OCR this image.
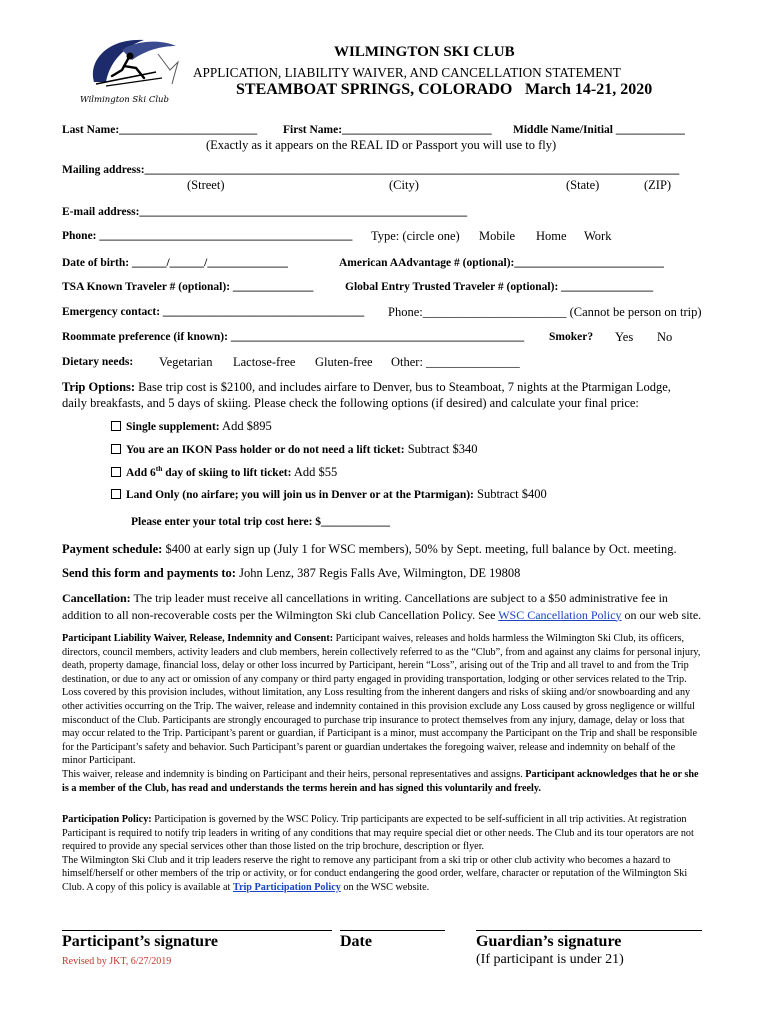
Wilmington Ski Club
WILMINGTON SKI CLUB
APPLICATION, LIABILITY WAIVER, AND CANCELLATION STATEMENT
STEAMBOAT SPRINGS, COLORADO March 14-21, 2020
Last Name:________________________ First Name:__________________________ Middle Name/Initial ____________
(Exactly as it appears on the REAL ID or Passport you will use to fly)
Mailing address:_____________________________________________________________________________________________
(Street)	(City)	(State)	(ZIP)
E-mail address:_________________________________________________________
Phone: ____________________________________________ Type: (circle one) Mobile Home Work
Date of birth: ______/______/______________	American AAdvantage # (optional):__________________________
TSA Known Traveler # (optional): ______________	Global Entry Trusted Traveler # (optional): ________________
Emergency contact: ___________________________________ Phone:_______________________ (Cannot be person on trip)
Roommate preference (if known): ___________________________________________________ Smoker? Yes No
Dietary needs: Vegetarian Lactose-free Gluten-free Other: _______________
Trip Options: Base trip cost is $2100, and includes airfare to Denver, bus to Steamboat, 7 nights at the Ptarmigan Lodge,
daily breakfasts, and 5 days of skiing. Please check the following options (if desired) and calculate your final price:
Single supplement: Add $895
You are an IKON Pass holder or do not need a lift ticket: Subtract $340
Add 6th day of skiing to lift ticket: Add $55
Land Only (no airfare; you will join us in Denver or at the Ptarmigan): Subtract $400
Please enter your total trip cost here: $____________
Payment schedule: $400 at early sign up (July 1 for WSC members), 50% by Sept. meeting, full balance by Oct. meeting.
Send this form and payments to: John Lenz, 387 Regis Falls Ave, Wilmington, DE 19808
Cancellation: The trip leader must receive all cancellations in writing. Cancellations are subject to a $50 administrative fee in
addition to all non-recoverable costs per the Wilmington Ski club Cancellation Policy. See WSC Cancellation Policy on our web site.
Participant Liability Waiver, Release, Indemnity and Consent: Participant waives, releases and holds harmless the Wilmington Ski Club, its officers, directors, council members, activity leaders and club members, herein collectively referred to as the “Club”, from and against any claims for personal injury, death, property damage, financial loss, delay or other loss incurred by Participant, herein “Loss”, arising out of the Trip and all travel to and from the Trip destination, or due to any act or omission of any company or third party engaged in providing transportation, lodging or other services related to the Trip. Loss covered by this provision includes, without limitation, any Loss resulting from the inherent dangers and risks of skiing and/or snowboarding and any other activities occurring on the Trip. The waiver, release and indemnity contained in this provision exclude any Loss caused by gross negligence or willful misconduct of the Club. Participants are strongly encouraged to purchase trip insurance to protect themselves from any injury, damage, delay or loss that may occur related to the Trip. Participant’s parent or guardian, if Participant is a minor, must accompany the Participant on the Trip and shall be responsible for the Participant’s safety and behavior. Such Participant’s parent or guardian undertakes the foregoing waiver, release and indemnity on behalf of the minor Participant.
This waiver, release and indemnity is binding on Participant and their heirs, personal representatives and assigns. Participant acknowledges that he or she is a member of the Club, has read and understands the terms herein and has signed this voluntarily and freely.
Participation Policy: Participation is governed by the WSC Policy. Trip participants are expected to be self-sufficient in all trip activities. At registration Participant is required to notify trip leaders in writing of any conditions that may require special diet or other needs. The Club and its tour operators are not required to provide any special services other than those listed on the trip brochure, description or flyer.
The Wilmington Ski Club and it trip leaders reserve the right to remove any participant from a ski trip or other club activity who becomes a hazard to himself/herself or other members of the trip or activity, or for conduct endangering the good order, welfare, character or reputation of the Wilmington Ski Club. A copy of this policy is available at Trip Participation Policy on the WSC website.
Participant’s signature	Date	Guardian’s signature
(If participant is under 21)
Revised by JKT, 6/27/2019
